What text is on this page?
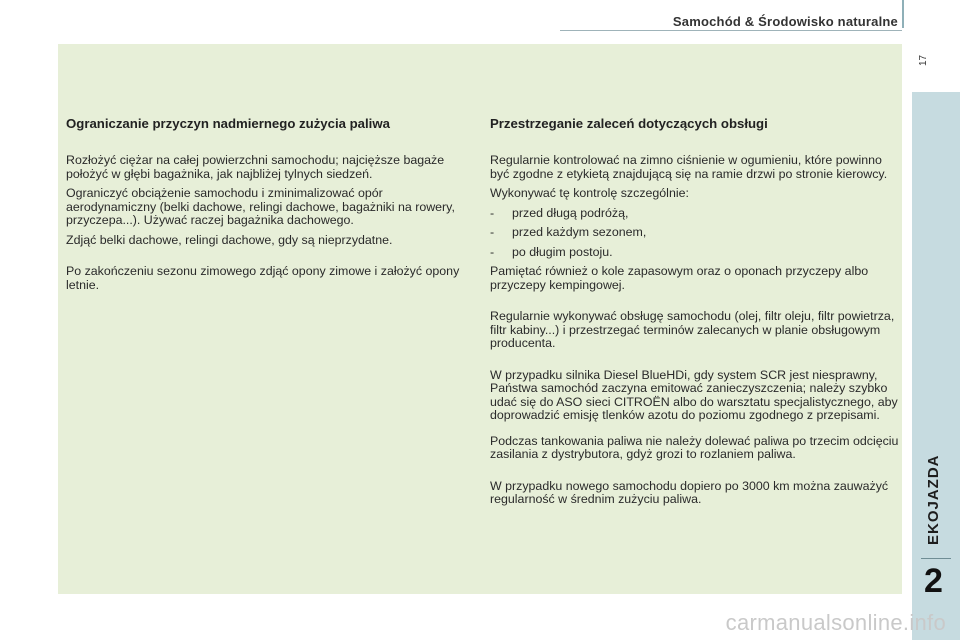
Samochód & Środowisko naturalne
17
EKOJAZDA
2
Ograniczanie przyczyn nadmiernego zużycia paliwa

Rozłożyć ciężar na całej powierzchni samochodu; najcięższe bagaże położyć w głębi bagażnika, jak najbliżej tylnych siedzeń.

Ograniczyć obciążenie samochodu i zminimalizować opór aerodynamiczny (belki dachowe, relingi dachowe, bagażniki na rowery, przyczepa...). Używać raczej bagażnika dachowego.

Zdjąć belki dachowe, relingi dachowe, gdy są nieprzydatne.

Po zakończeniu sezonu zimowego zdjąć opony zimowe i założyć opony letnie.

Przestrzeganie zaleceń dotyczących obsługi

Regularnie kontrolować na zimno ciśnienie w ogumieniu, które powinno być zgodne z etykietą znajdującą się na ramie drzwi po stronie kierowcy.

Wykonywać tę kontrolę szczególnie:

- przed długą podróżą,
- przed każdym sezonem,
- po długim postoju.

Pamiętać również o kole zapasowym oraz o oponach przyczepy albo przyczepy kempingowej.

Regularnie wykonywać obsługę samochodu (olej, filtr oleju, filtr powietrza, filtr kabiny...) i przestrzegać terminów zalecanych w planie obsługowym producenta.

W przypadku silnika Diesel BlueHDi, gdy system SCR jest niesprawny, Państwa samochód zaczyna emitować zanieczyszczenia; należy szybko udać się do ASO sieci CITROËN albo do warsztatu specjalistycznego, aby doprowadzić emisję tlenków azotu do poziomu zgodnego z przepisami.

Podczas tankowania paliwa nie należy dolewać paliwa po trzecim odcięciu zasilania z dystrybutora, gdyż grozi to rozlaniem paliwa.

W przypadku nowego samochodu dopiero po 3000 km można zauważyć regularność w średnim zużyciu paliwa.

carmanualsonline.info
